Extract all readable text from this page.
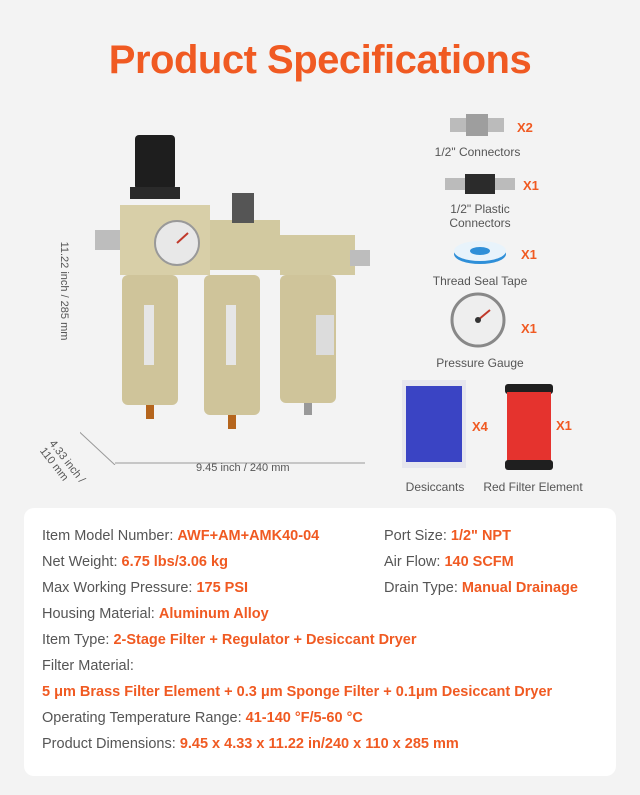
Product Specifications
11.22 inch / 285 mm
4.33 inch / 110 mm	9.45 inch / 240 mm
X2
1/2" Connectors
X1
1/2" Plastic Connectors
X1
Thread Seal Tape
X1
Pressure Gauge
X4
Desiccants
X1
Red Filter Element
Item Model Number: AWF+AM+AMK40-04	Port Size: 1/2" NPT
Net Weight: 6.75 lbs/3.06 kg	Air Flow: 140 SCFM
Max Working Pressure: 175 PSI	Drain Type: Manual Drainage
Housing Material: Aluminum Alloy
Item Type: 2-Stage Filter + Regulator + Desiccant Dryer
Filter Material:
5 μm Brass Filter Element + 0.3 μm Sponge Filter + 0.1μm Desiccant Dryer
Operating Temperature Range: 41-140 °F/5-60 °C
Product Dimensions: 9.45 x 4.33 x 11.22 in/240 x 110 x 285 mm
